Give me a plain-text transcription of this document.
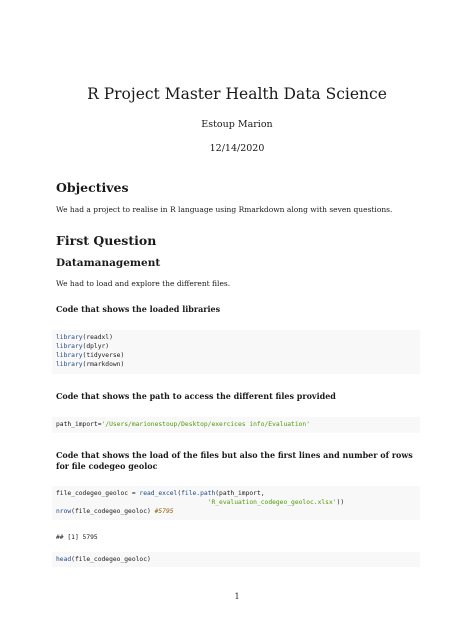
R Project Master Health Data Science
Estoup Marion
12/14/2020
Objectives
We had a project to realise in R language using Rmarkdown along with seven questions.
First Question
Datamanagement
We had to load and explore the different files.
Code that shows the loaded libraries
library(readxl)
library(dplyr)
library(tidyverse)
library(rmarkdown)
Code that shows the path to access the different files provided
path_import='/Users/marionestoup/Desktop/exercices info/Evaluation'
Code that shows the load of the files but also the first lines and number of rows for file codegeo geoloc
file_codegeo_geoloc = read_excel(file.path(path_import,
'R_evaluation_codegeo_geoloc.xlsx'))
nrow(file_codegeo_geoloc) #5795
## [1] 5795
head(file_codegeo_geoloc)
1
